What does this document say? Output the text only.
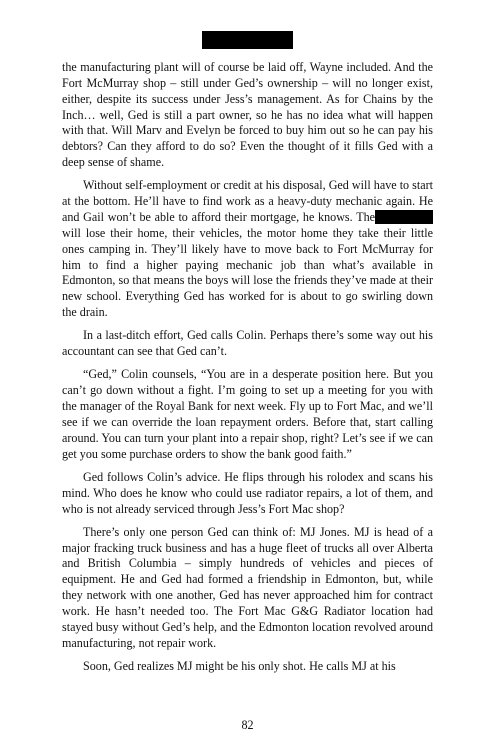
the manufacturing plant will of course be laid off, Wayne included. And the Fort McMurray shop – still under Ged’s ownership – will no longer exist, either, despite its success under Jess’s management. As for Chains by the Inch… well, Ged is still a part owner, so he has no idea what will happen with that. Will Marv and Evelyn be forced to buy him out so he can pay his debtors? Can they afford to do so? Even the thought of it fills Ged with a deep sense of shame.

Without self-employment or credit at his disposal, Ged will have to start at the bottom. He’ll have to find work as a heavy-duty mechanic again. He and Gail won’t be able to afford their mortgage, he knows. Thewill lose their home, their vehicles, the motor home they take their little ones camping in. They’ll likely have to move back to Fort McMurray for him to find a higher paying mechanic job than what’s available in Edmonton, so that means the boys will lose the friends they’ve made at their new school. Everything Ged has worked for is about to go swirling down the drain.

In a last-ditch effort, Ged calls Colin. Perhaps there’s some way out his accountant can see that Ged can’t.

“Ged,” Colin counsels, “You are in a desperate position here. But you can’t go down without a fight. I’m going to set up a meeting for you with the manager of the Royal Bank for next week. Fly up to Fort Mac, and we’ll see if we can override the loan repayment orders. Before that, start calling around. You can turn your plant into a repair shop, right? Let’s see if we can get you some purchase orders to show the bank good faith.”

Ged follows Colin’s advice. He flips through his rolodex and scans his mind. Who does he know who could use radiator repairs, a lot of them, and who is not already serviced through Jess’s Fort Mac shop?

There’s only one person Ged can think of: MJ Jones. MJ is head of a major fracking truck business and has a huge fleet of trucks all over Alberta and British Columbia – simply hundreds of vehicles and pieces of equipment. He and Ged had formed a friendship in Edmonton, but, while they network with one another, Ged has never approached him for contract work. He hasn’t needed too. The Fort Mac G&G Radiator location had stayed busy without Ged’s help, and the Edmonton location revolved around manufacturing, not repair work.

Soon, Ged realizes MJ might be his only shot. He calls MJ at his

82
